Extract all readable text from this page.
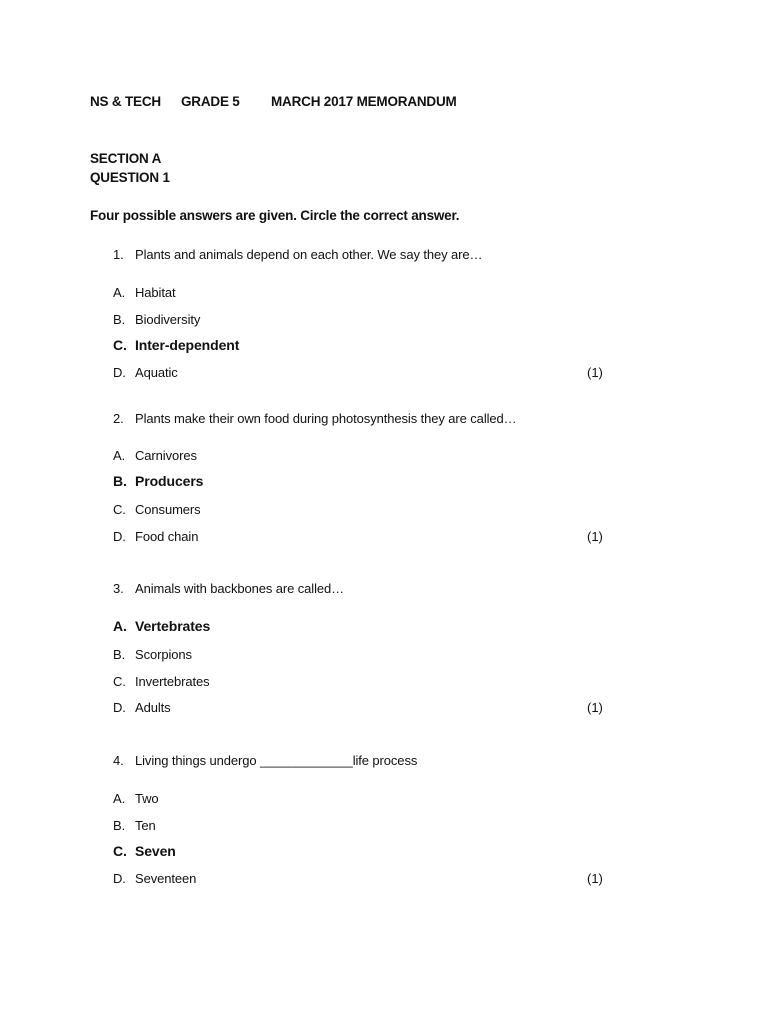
NS & TECH GRADE 5 MARCH 2017 MEMORANDUM
SECTION A
QUESTION 1
Four possible answers are given. Circle the correct answer.
1. Plants and animals depend on each other. We say they are…
A. Habitat
B. Biodiversity
C. Inter-dependent
D. Aquatic	(1)
2. Plants make their own food during photosynthesis they are called…
A. Carnivores
B. Producers
C. Consumers
D. Food chain	(1)
3. Animals with backbones are called…
A. Vertebrates
B. Scorpions
C. Invertebrates
D. Adults	(1)
4. Living things undergo _____________life process
A. Two
B. Ten
C. Seven
D. Seventeen	(1)
